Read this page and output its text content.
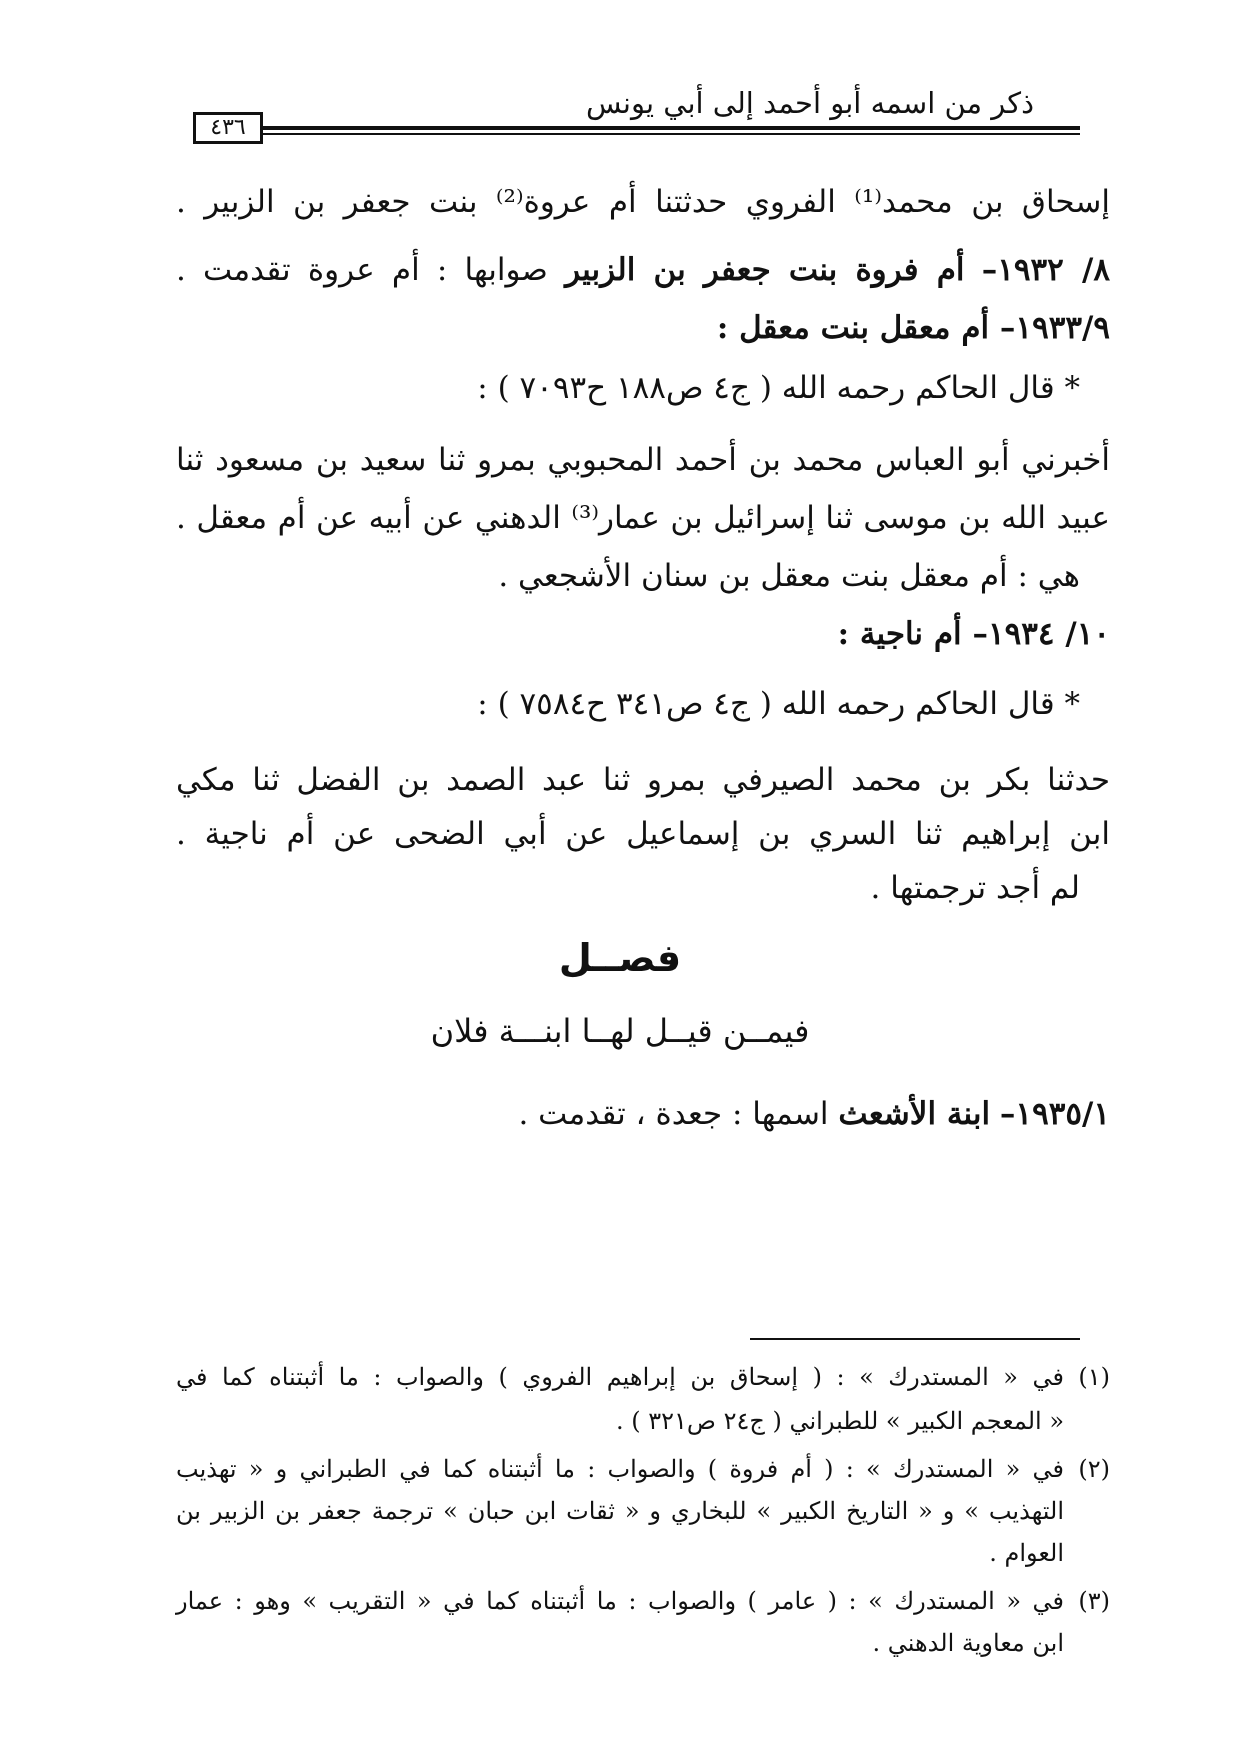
ذكر من اسمه أبو أحمد إلى أبي يونس
٤٣٦
إسحاق بن محمد⁽¹⁾ الفروي حدثتنا أم عروة⁽²⁾ بنت جعفر بن الزبير .
٨/ ١٩٣٢– أم فروة بنت جعفر بن الزبير صوابها : أم عروة تقدمت .
١٩٣٣/٩– أم معقل بنت معقل :
* قال الحاكم رحمه الله ( ج٤ ص١٨٨ ح٧٠٩٣ ) :
أخبرني أبو العباس محمد بن أحمد المحبوبي بمرو ثنا سعيد بن مسعود ثنا
عبيد الله بن موسى ثنا إسرائيل بن عمار⁽³⁾ الدهني عن أبيه عن أم معقل .
هي : أم معقل بنت معقل بن سنان الأشجعي .
١٠/ ١٩٣٤– أم ناجية :
* قال الحاكم رحمه الله ( ج٤ ص٣٤١ ح٧٥٨٤ ) :
حدثنا بكر بن محمد الصيرفي بمرو ثنا عبد الصمد بن الفضل ثنا مكي
ابن إبراهيم ثنا السري بن إسماعيل عن أبي الضحى عن أم ناجية .
لم أجد ترجمتها .
فصــل
فيمــن قيــل لهــا ابنـــة فلان
١٩٣٥/١– ابنة الأشعث اسمها : جعدة ، تقدمت .
(١)في « المستدرك » : ( إسحاق بن إبراهيم الفروي ) والصواب : ما أثبتناه كما في
« المعجم الكبير » للطبراني ( ج٢٤ ص٣٢١ ) .
(٢)في « المستدرك » : ( أم فروة ) والصواب : ما أثبتناه كما في الطبراني و « تهذيب
التهذيب » و « التاريخ الكبير » للبخاري و « ثقات ابن حبان » ترجمة جعفر بن الزبير بن
العوام .
(٣)في « المستدرك » : ( عامر ) والصواب : ما أثبتناه كما في « التقريب » وهو : عمار
ابن معاوية الدهني .
